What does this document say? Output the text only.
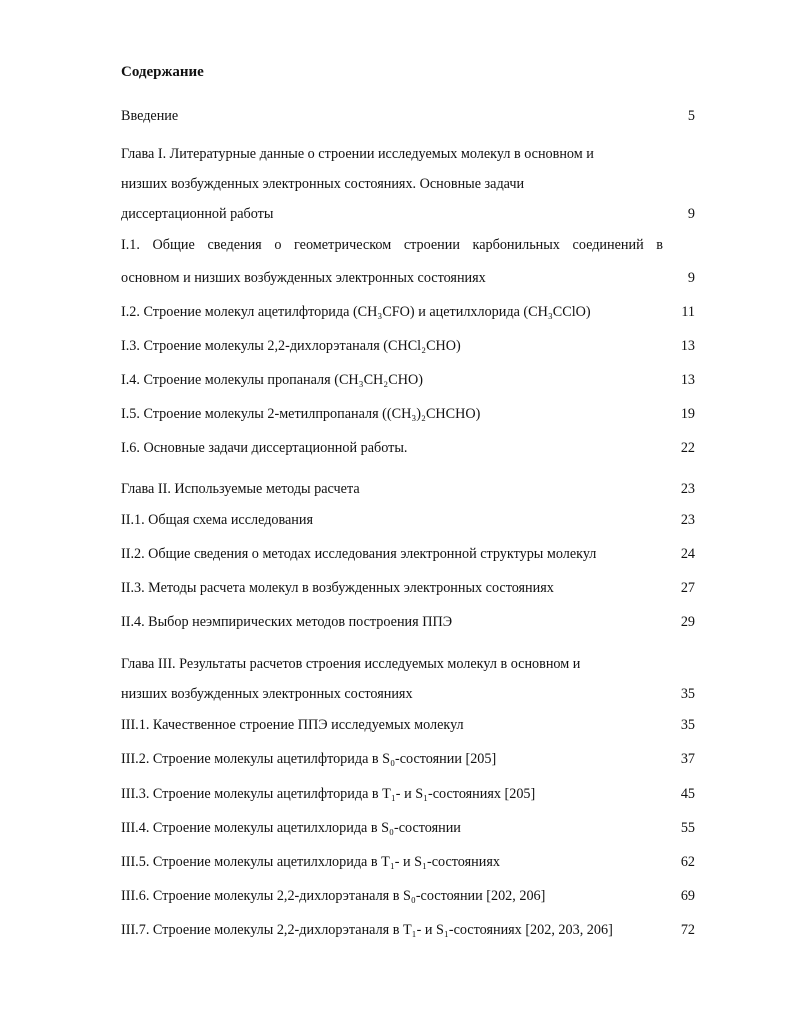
Содержание
Введение	5
Глава I. Литературные данные о строении исследуемых молекул в основном и
низших возбужденных электронных состояниях. Основные задачи
диссертационной работы	9
I.1. Общие сведения о геометрическом строении карбонильных соединений в
основном и низших возбужденных электронных состояниях	9
I.2. Строение молекул ацетилфторида (CH₃CFO) и ацетилхлорида (CH₃CClO)	11
I.3. Строение молекулы 2,2-дихлорэтаналя (CHCl₂CHO)	13
I.4. Строение молекулы пропаналя (CH₃CH₂CHO)	13
I.5. Строение молекулы 2-метилпропаналя ((CH₃)₂CHCHO)	19
I.6. Основные задачи диссертационной работы.	22
Глава II. Используемые методы расчета	23
II.1. Общая схема исследования	23
II.2. Общие сведения о методах исследования электронной структуры молекул	24
II.3. Методы расчета молекул в возбужденных электронных состояниях	27
II.4. Выбор неэмпирических методов построения ППЭ	29
Глава III. Результаты расчетов строения исследуемых молекул в основном и
низших возбужденных электронных состояниях	35
III.1. Качественное строение ППЭ исследуемых молекул	35
III.2. Строение молекулы ацетилфторида в S₀-состоянии [205]	37
III.3. Строение молекулы ацетилфторида в T₁- и S₁-состояниях [205]	45
III.4. Строение молекулы ацетилхлорида в S₀-состоянии	55
III.5. Строение молекулы ацетилхлорида в T₁- и S₁-состояниях	62
III.6. Строение молекулы 2,2-дихлорэтаналя в S₀-состоянии [202, 206]	69
III.7. Строение молекулы 2,2-дихлорэтаналя в T₁- и S₁-состояниях [202, 203, 206]	72
